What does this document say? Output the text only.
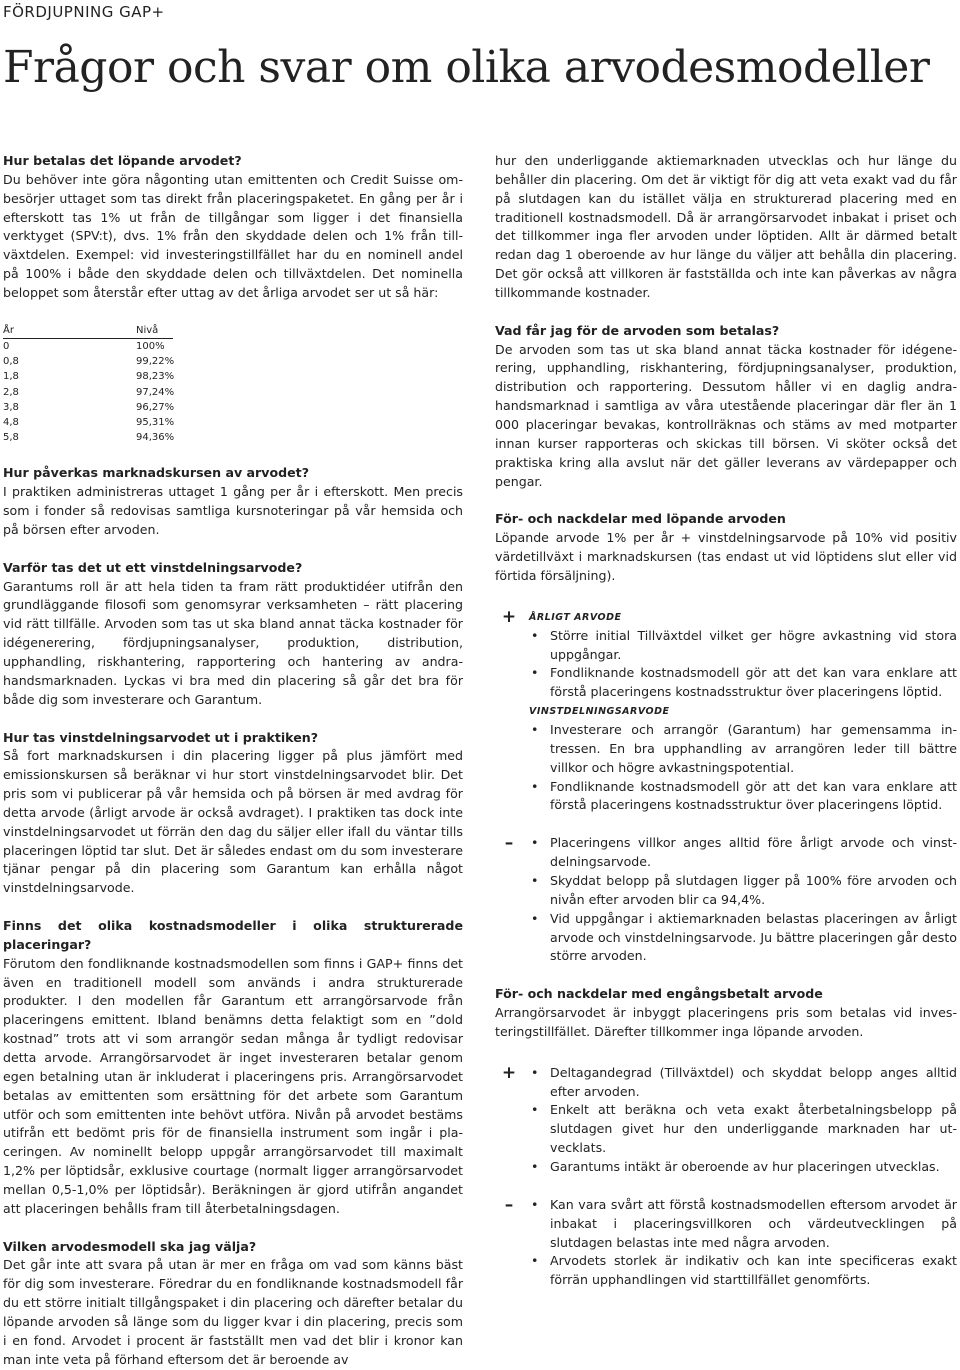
FÖRDJUPNING GAP+
Frågor och svar om olika arvodesmodeller

Hur betalas det löpande arvodet?

Du behöver inte göra någonting utan emittenten och Credit Suisse ombesörjer uttaget som tas direkt från placeringspaketet. En gång per år i efterskott tas 1% ut från de tillgångar som ligger i det finansiella verktyget (SPV:t), dvs. 1% från den skyddade delen och 1% från tillväxtdelen. Exempel: vid investeringstillfället har du en nominell andel på 100% i både den skyddade delen och tillväxtdelen. Det nominella beloppet som återstår efter uttag av det årliga arvodet ser ut så här:

År	Nivå
0	100%
0,8	99,22%
1,8	98,23%
2,8	97,24%
3,8	96,27%
4,8	95,31%
5,8	94,36%

Hur påverkas marknadskursen av arvodet?

I praktiken administreras uttaget 1 gång per år i efterskott. Men precis som i fonder så redovisas samtliga kursnoteringar på vår hemsida och på börsen efter arvoden.

Varför tas det ut ett vinstdelningsarvode?

Garantums roll är att hela tiden ta fram rätt produktidéer utifrån den grundläggande filosofi som genomsyrar verksamheten – rätt placering vid rätt tillfälle. Arvoden som tas ut ska bland annat täcka kostnader för idégenerering, fördjupningsanalyser, produktion, distribution, upphandling, riskhantering, rapportering och hantering av andrahandsmarknaden. Lyckas vi bra med din placering så går det bra för både dig som investerare och Garantum.

Hur tas vinstdelningsarvodet ut i praktiken?

Så fort marknadskursen i din placering ligger på plus jämfört med emissionskursen så beräknar vi hur stort vinstdelningsarvodet blir. Det pris som vi publicerar på vår hemsida och på börsen är med avdrag för detta arvode (årligt arvode är också avdraget). I praktiken tas dock inte vinstdelningsarvodet ut förrän den dag du säljer eller ifall du väntar tills placeringen löptid tar slut. Det är således endast om du som investerare tjänar pengar på din placering som Garantum kan erhålla något vinstdelningsarvode.

Finns det olika kostnadsmodeller i olika strukturerade placeringar?

Förutom den fondliknande kostnadsmodellen som finns i GAP+ finns det även en traditionell modell som används i andra strukturerade produkter. I den modellen får Garantum ett arrangörsarvode från placeringens emittent. Ibland benämns detta felaktigt som en ”dold kostnad” trots att vi som arrangör sedan många år tydligt redovisar detta arvode. Arrangörsarvodet är inget investeraren betalar genom egen betalning utan är inkluderat i placeringens pris. Arrangörsarvodet betalas av emittenten som ersättning för det arbete som Garantum utför och som emittenten inte behövt utföra. Nivån på arvodet bestäms utifrån ett bedömt pris för de finansiella instrument som ingår i placeringen. Av nominellt belopp uppgår arrangörsarvodet till maximalt 1,2% per löptidsår, exklusive courtage (normalt ligger arrangörsarvodet mellan 0,5-1,0% per löptidsår). Beräkningen är gjord utifrån angandet att placeringen behålls fram till återbetalningsdagen.

Vilken arvodesmodell ska jag välja?

Det går inte att svara på utan är mer en fråga om vad som känns bäst för dig som investerare. Föredrar du en fondliknande kostnadsmodell får du ett större initialt tillgångspaket i din placering och därefter betalar du löpande arvoden så länge som du ligger kvar i din placering, precis som i en fond. Arvodet i procent är fastställt men vad det blir i kronor kan man inte veta på förhand eftersom det är beroende av

hur den underliggande aktiemarknaden utvecklas och hur länge du behåller din placering. Om det är viktigt för dig att veta exakt vad du får på slutdagen kan du istället välja en strukturerad placering med en traditionell kostnadsmodell. Då är arrangörsarvodet inbakat i priset och det tillkommer inga fler arvoden under löptiden. Allt är därmed betalt redan dag 1 oberoende av hur länge du väljer att behålla din placering. Det gör också att villkoren är fastställda och inte kan påverkas av några tillkommande kostnader.

Vad får jag för de arvoden som betalas?

De arvoden som tas ut ska bland annat täcka kostnader för idégenerering, upphandling, riskhantering, fördjupningsanalyser, produktion, distribution och rapportering. Dessutom håller vi en daglig andrahandsmarknad i samtliga av våra utestående placeringar där fler än 1 000 placeringar bevakas, kontrollräknas och stäms av med motparter innan kurser rapporteras och skickas till börsen. Vi sköter också det praktiska kring alla avslut när det gäller leverans av värdepapper och pengar.

För- och nackdelar med löpande arvoden

Löpande arvode 1% per år + vinstdelningsarvode på 10% vid positiv värdetillväxt i marknadskursen (tas endast ut vid löptidens slut eller vid förtida försäljning).

+	ÅRLIGT ARVODE

• Större initial Tillväxtdel vilket ger högre avkastning vid stora uppgångar.
• Fondliknande kostnadsmodell gör att det kan vara enklare att förstå placeringens kostnadsstruktur över placeringens löptid.

VINSTDELNINGSARVODE

• Investerare och arrangör (Garantum) har gemensamma intressen. En bra upphandling av arrangören leder till bättre villkor och högre avkastningspotential.
• Fondliknande kostnadsmodell gör att det kan vara enklare att förstå placeringens kostnadsstruktur över placeringens löptid.
–	• Placeringens villkor anges alltid före årligt arvode och vinstdelningsarvode.
• Skyddat belopp på slutdagen ligger på 100% före arvoden och nivån efter arvoden blir ca 94,4%.
• Vid uppgångar i aktiemarknaden belastas placeringen av årligt arvode och vinstdelningsarvode. Ju bättre placeringen går desto större arvoden.

För- och nackdelar med engångsbetalt arvode

Arrangörsarvodet är inbyggt placeringens pris som betalas vid investeringstillfället. Därefter tillkommer inga löpande arvoden.

+	• Deltagandegrad (Tillväxtdel) och skyddat belopp anges alltid efter arvoden.
• Enkelt att beräkna och veta exakt återbetalningsbelopp på slutdagen givet hur den underliggande marknaden har utvecklats.
• Garantums intäkt är oberoende av hur placeringen utvecklas.
–	• Kan vara svårt att förstå kostnadsmodellen eftersom arvodet är inbakat i placeringsvillkoren och värdeutvecklingen på slutdagen belastas inte med några arvoden.
• Arvodets storlek är indikativ och kan inte specificeras exakt förrän upphandlingen vid starttillfället genomförts.
